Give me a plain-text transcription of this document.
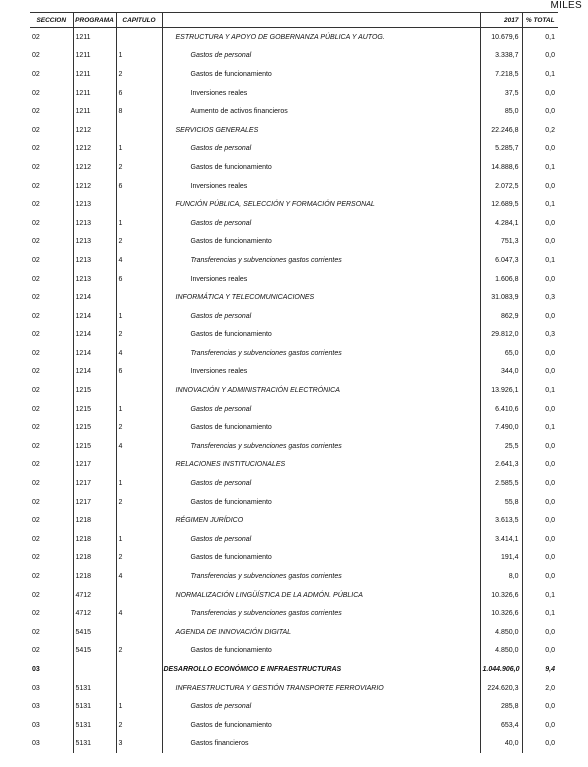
MILES
SECCION	PROGRAMA	CAPITULO		2017	% TOTAL
02	1211		ESTRUCTURA Y APOYO DE GOBERNANZA PÚBLICA Y AUTOG.	10.679,6	0,1
02	1211	1	Gastos de personal	3.338,7	0,0
02	1211	2	Gastos de funcionamiento	7.218,5	0,1
02	1211	6	Inversiones reales	37,5	0,0
02	1211	8	Aumento de activos financieros	85,0	0,0
02	1212		SERVICIOS GENERALES	22.246,8	0,2
02	1212	1	Gastos de personal	5.285,7	0,0
02	1212	2	Gastos de funcionamiento	14.888,6	0,1
02	1212	6	Inversiones reales	2.072,5	0,0
02	1213		FUNCIÓN PÚBLICA, SELECCIÓN Y FORMACIÓN PERSONAL	12.689,5	0,1
02	1213	1	Gastos de personal	4.284,1	0,0
02	1213	2	Gastos de funcionamiento	751,3	0,0
02	1213	4	Transferencias y subvenciones gastos corrientes	6.047,3	0,1
02	1213	6	Inversiones reales	1.606,8	0,0
02	1214		INFORMÁTICA Y TELECOMUNICACIONES	31.083,9	0,3
02	1214	1	Gastos de personal	862,9	0,0
02	1214	2	Gastos de funcionamiento	29.812,0	0,3
02	1214	4	Transferencias y subvenciones gastos corrientes	65,0	0,0
02	1214	6	Inversiones reales	344,0	0,0
02	1215		INNOVACIÓN Y ADMINISTRACIÓN ELECTRÓNICA	13.926,1	0,1
02	1215	1	Gastos de personal	6.410,6	0,0
02	1215	2	Gastos de funcionamiento	7.490,0	0,1
02	1215	4	Transferencias y subvenciones gastos corrientes	25,5	0,0
02	1217		RELACIONES INSTITUCIONALES	2.641,3	0,0
02	1217	1	Gastos de personal	2.585,5	0,0
02	1217	2	Gastos de funcionamiento	55,8	0,0
02	1218		RÉGIMEN JURÍDICO	3.613,5	0,0
02	1218	1	Gastos de personal	3.414,1	0,0
02	1218	2	Gastos de funcionamiento	191,4	0,0
02	1218	4	Transferencias y subvenciones gastos corrientes	8,0	0,0
02	4712		NORMALIZACIÓN LINGÜÍSTICA DE LA ADMÓN. PÚBLICA	10.326,6	0,1
02	4712	4	Transferencias y subvenciones gastos corrientes	10.326,6	0,1
02	5415		AGENDA DE INNOVACIÓN DIGITAL	4.850,0	0,0
02	5415	2	Gastos de funcionamiento	4.850,0	0,0
03			DESARROLLO ECONÓMICO E INFRAESTRUCTURAS	1.044.906,0	9,4
03	5131		INFRAESTRUCTURA Y GESTIÓN TRANSPORTE FERROVIARIO	224.620,3	2,0
03	5131	1	Gastos de personal	285,8	0,0
03	5131	2	Gastos de funcionamiento	653,4	0,0
03	5131	3	Gastos financieros	40,0	0,0
